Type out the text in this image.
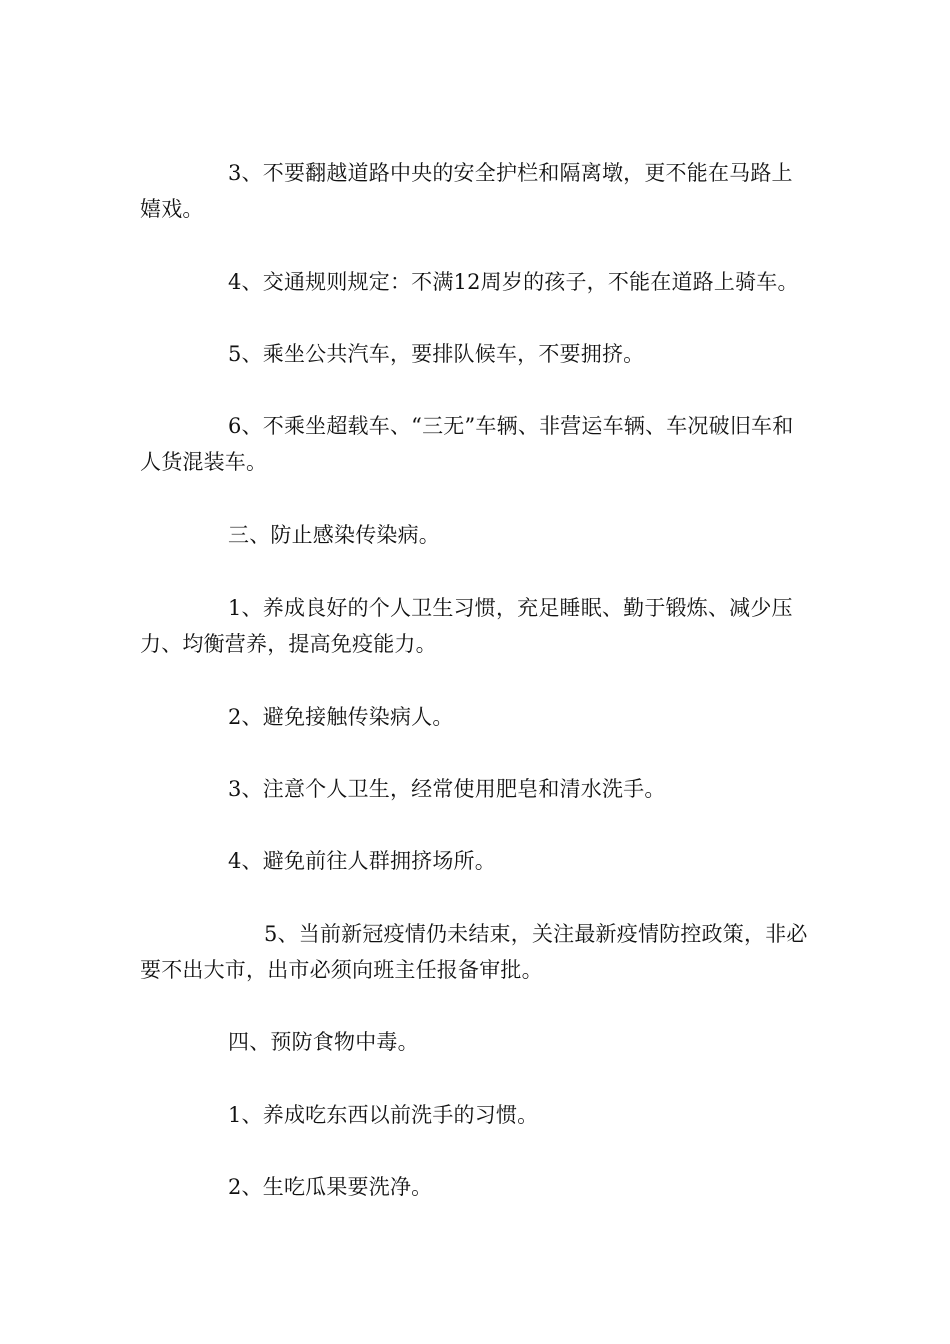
3、不要翻越道路中央的安全护栏和隔离墩，更不能在马路上嬉戏。

4、交通规则规定：不满12周岁的孩子，不能在道路上骑车。

5、乘坐公共汽车，要排队候车，不要拥挤。

6、不乘坐超载车、“三无”车辆、非营运车辆、车况破旧车和人货混装车。

三、防止感染传染病。

1、养成良好的个人卫生习惯，充足睡眠、勤于锻炼、减少压力、均衡营养，提高免疫能力。

2、避免接触传染病人。

3、注意个人卫生，经常使用肥皂和清水洗手。

4、避免前往人群拥挤场所。

5、当前新冠疫情仍未结束，关注最新疫情防控政策，非必要不出大市，出市必须向班主任报备审批。

四、预防食物中毒。

1、养成吃东西以前洗手的习惯。

2、生吃瓜果要洗净。
